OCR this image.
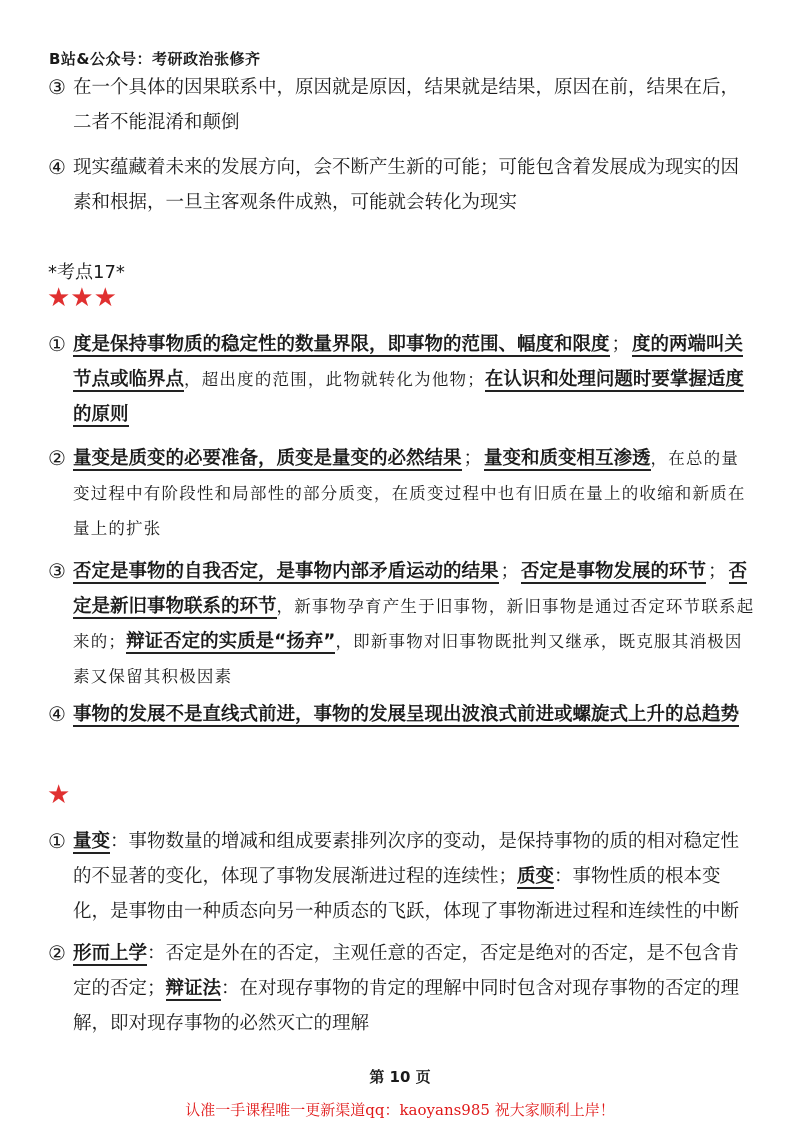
B站&公众号：考研政治张修齐
③ 在一个具体的因果联系中，原因就是原因，结果就是结果，原因在前，结果在后，二者不能混淆和颠倒
④ 现实蕴藏着未来的发展方向，会不断产生新的可能；可能包含着发展成为现实的因素和根据，一旦主客观条件成熟，可能就会转化为现实
*考点17*
★★★
① 度是保持事物质的稳定性的数量界限，即事物的范围、幅度和限度 ； 度的两端叫关节点或临界点，超出度的范围，此物就转化为他物；在认识和处理问题时要掌握适度的原则
② 量变是质变的必要准备，质变是量变的必然结果 ； 量变和质变相互渗透，在总的量变过程中有阶段性和局部性的部分质变，在质变过程中也有旧质在量上的收缩和新质在量上的扩张
③ 否定是事物的自我否定，是事物内部矛盾运动的结果 ； 否定是事物发展的环节 ； 否定是新旧事物联系的环节，新事物孕育产生于旧事物，新旧事物是通过否定环节联系起来的；辩证否定的实质是“扬弃”，即新事物对旧事物既批判又继承，既克服其消极因素又保留其积极因素
④ 事物的发展不是直线式前进，事物的发展呈现出波浪式前进或螺旋式上升的总趋势
★
① 量变：事物数量的增减和组成要素排列次序的变动，是保持事物的质的相对稳定性的不显著的变化，体现了事物发展渐进过程的连续性；质变：事物性质的根本变化，是事物由一种质态向另一种质态的飞跃，体现了事物渐进过程和连续性的中断
② 形而上学：否定是外在的否定，主观任意的否定，否定是绝对的否定，是不包含肯定的否定；辩证法：在对现存事物的肯定的理解中同时包含对现存事物的否定的理解，即对现存事物的必然灭亡的理解
第 10 页
认准一手课程唯一更新渠道qq：kaoyans985 祝大家顺利上岸！
